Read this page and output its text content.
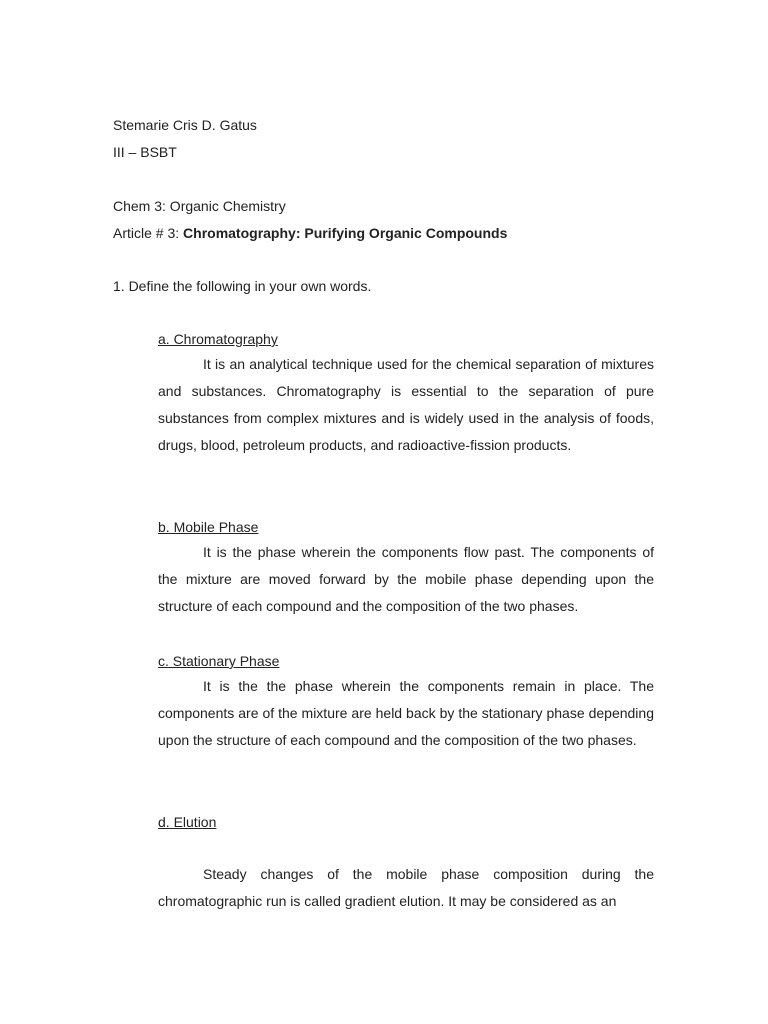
Stemarie Cris D. Gatus
III – BSBT
Chem 3: Organic Chemistry
Article # 3: Chromatography: Purifying Organic Compounds
1. Define the following in your own words.

a. Chromatography

It is an analytical technique used for the chemical separation of mixtures and substances. Chromatography is essential to the separation of pure substances from complex mixtures and is widely used in the analysis of foods, drugs, blood, petroleum products, and radioactive-fission products.

b. Mobile Phase

It is the phase wherein the components flow past. The components of the mixture are moved forward by the mobile phase depending upon the structure of each compound and the composition of the two phases.

c. Stationary Phase

It is the the phase wherein the components remain in place. The components are of the mixture are held back by the stationary phase depending upon the structure of each compound and the composition of the two phases.

d. Elution

Steady changes of the mobile phase composition during the chromatographic run is called gradient elution. It may be considered as an
